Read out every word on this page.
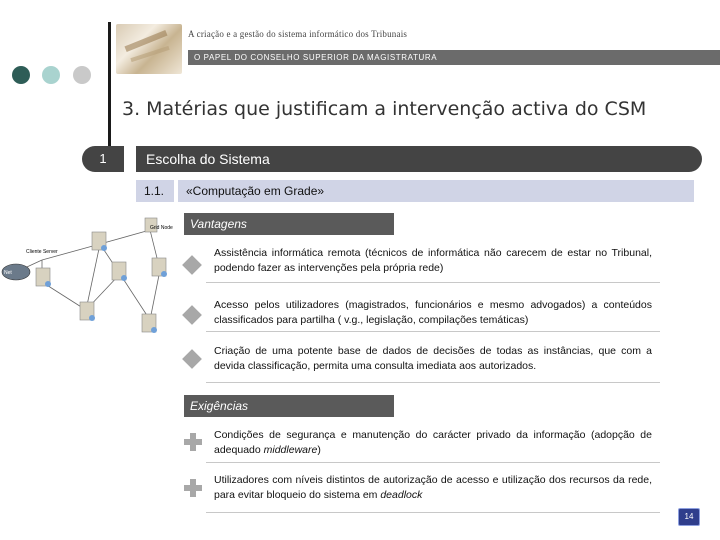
A criação e a gestão do sistema informático dos Tribunais
O PAPEL DO CONSELHO SUPERIOR DA MAGISTRATURA
3. Matérias que justificam a intervenção activa do CSM
1	Escolha do Sistema
1.1.	«Computação em Grade»
Net
Grid Node
Cliente Server
Vantagens
Assistência informática remota (técnicos de informática não carecem de estar no Tribunal, podendo fazer as intervenções pela própria rede)
Acesso pelos utilizadores (magistrados, funcionários e mesmo advogados) a conteúdos classificados para partilha ( v.g., legislação, compilações temáticas)
Criação de uma potente base de dados de decisões de todas as instâncias, que com a devida classificação, permita uma consulta imediata aos autorizados.
Exigências
Condições de segurança e manutenção do carácter privado da informação (adopção de adequado middleware)
Utilizadores com níveis distintos de autorização de acesso e utilização dos recursos da rede, para evitar bloqueio do sistema em deadlock
14
